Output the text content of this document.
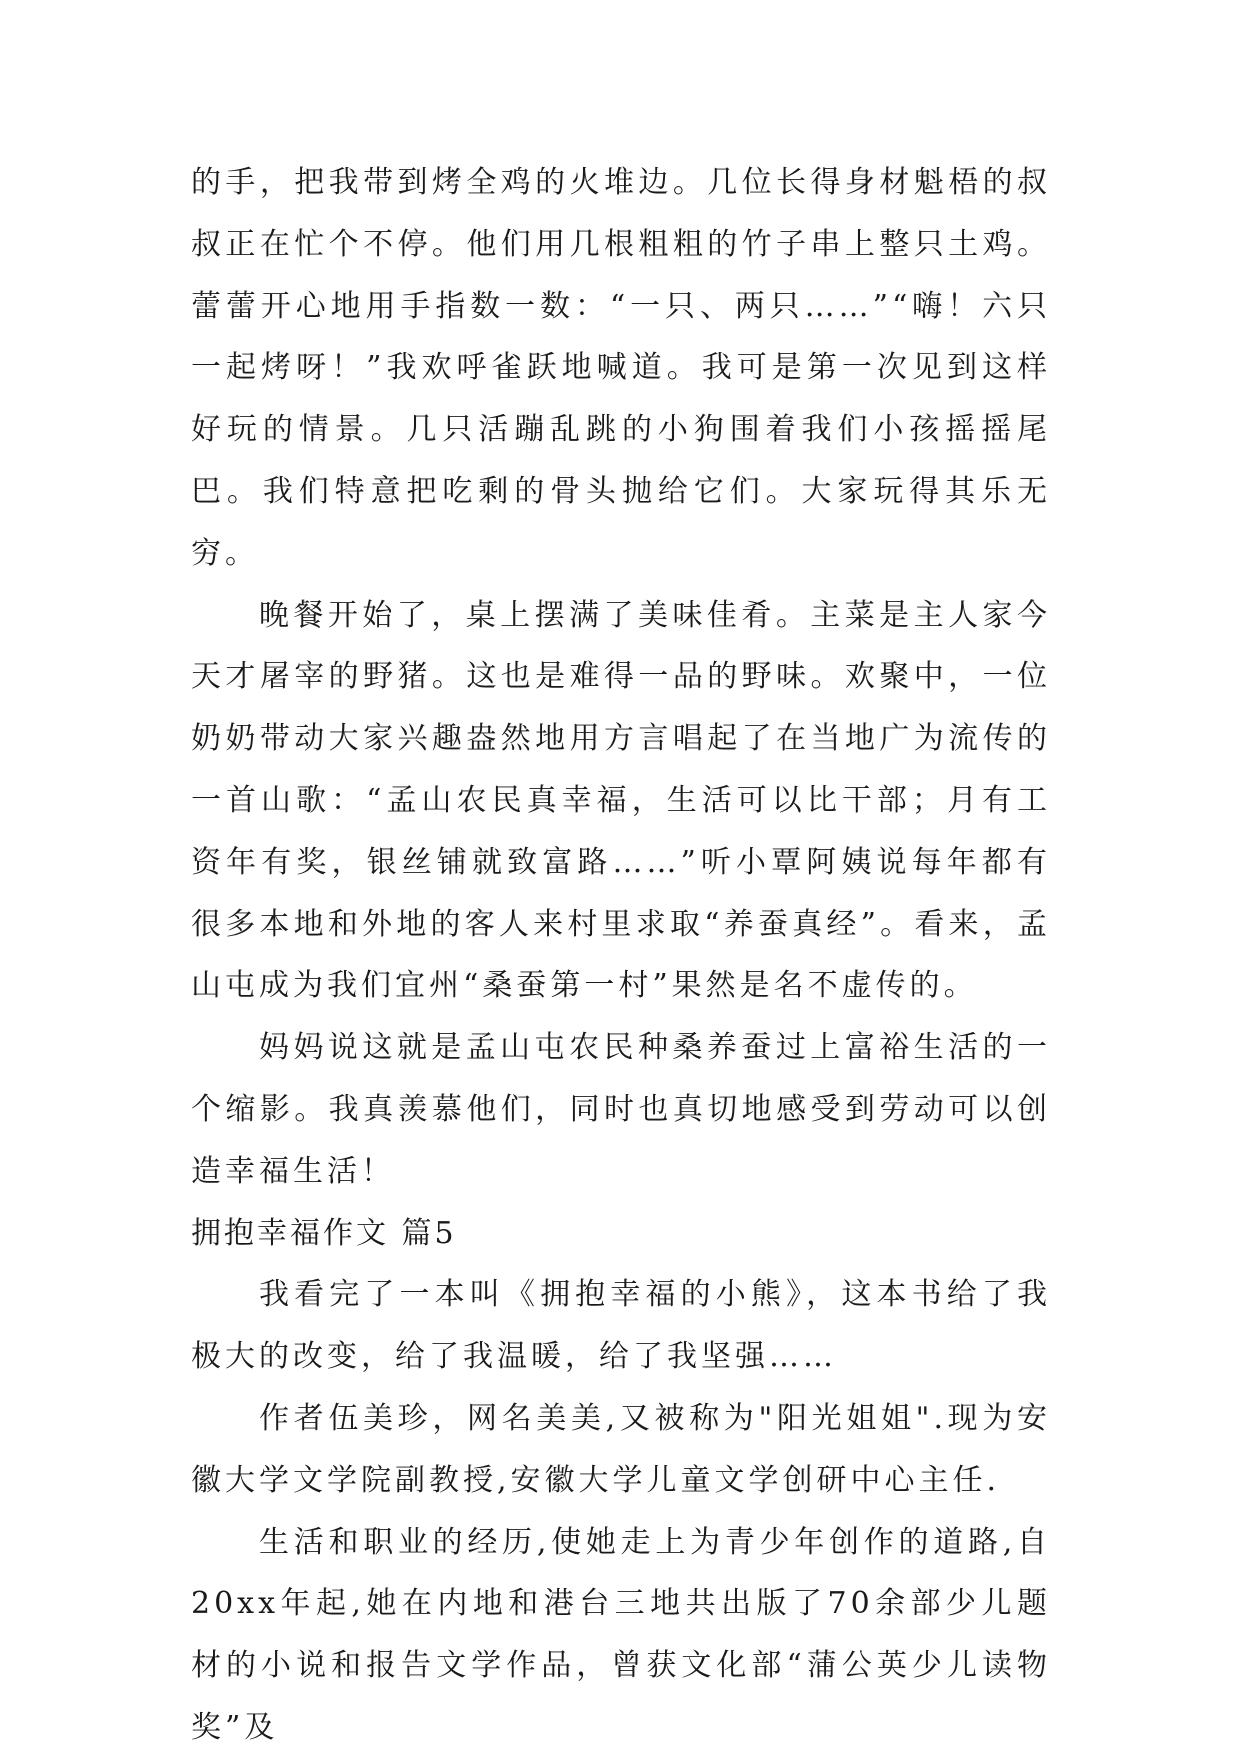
的手，把我带到烤全鸡的火堆边。几位长得身材魁梧的叔叔正在忙个不停。他们用几根粗粗的竹子串上整只土鸡。蕾蕾开心地用手指数一数：“一只、两只……”“嗨！六只一起烤呀！”我欢呼雀跃地喊道。我可是第一次见到这样好玩的情景。几只活蹦乱跳的小狗围着我们小孩摇摇尾巴。我们特意把吃剩的骨头抛给它们。大家玩得其乐无穷。

晚餐开始了，桌上摆满了美味佳肴。主菜是主人家今天才屠宰的野猪。这也是难得一品的野味。欢聚中，一位奶奶带动大家兴趣盎然地用方言唱起了在当地广为流传的一首山歌：“孟山农民真幸福，生活可以比干部；月有工资年有奖，银丝铺就致富路……”听小覃阿姨说每年都有很多本地和外地的客人来村里求取“养蚕真经”。看来，孟山屯成为我们宜州“桑蚕第一村”果然是名不虚传的。

妈妈说这就是孟山屯农民种桑养蚕过上富裕生活的一个缩影。我真羡慕他们，同时也真切地感受到劳动可以创造幸福生活！

拥抱幸福作文 篇5

我看完了一本叫《拥抱幸福的小熊》，这本书给了我极大的改变，给了我温暖，给了我坚强……

作者伍美珍，网名美美,又被称为"阳光姐姐".现为安徽大学文学院副教授,安徽大学儿童文学创研中心主任.

生活和职业的经历,使她走上为青少年创作的道路,自20xx年起,她在内地和港台三地共出版了70余部少儿题材的小说和报告文学作品，曾获文化部“蒲公英少儿读物奖”及
